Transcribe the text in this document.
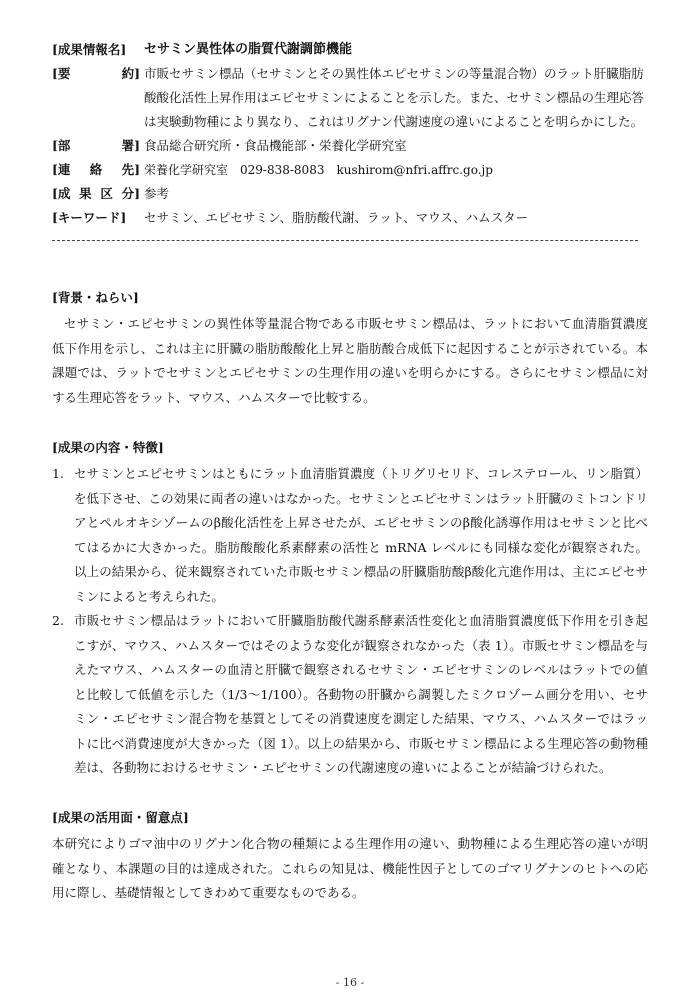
[成果情報名]	セサミン異性体の脂質代謝調節機能
[要	約] 市販セサミン標品（セサミンとその異性体エピセサミンの等量混合物）のラット肝臓脂肪
酸酸化活性上昇作用はエピセサミンによることを示した。また、セサミン標品の生理応答
は実験動物種により異なり、これはリグナン代謝速度の違いによることを明らかにした。
[部	署] 食品総合研究所・食品機能部・栄養化学研究室
[連 絡 先] 栄養化学研究室　029-838-8083　kushirom@nfri.affrc.go.jp
[成 果 区 分] 参考
[キーワード]	セサミン、エピセサミン、脂肪酸代謝、ラット、マウス、ハムスター
[背景・ねらい]
セサミン・エピセサミンの異性体等量混合物である市販セサミン標品は、ラットにおいて血清脂質濃度低下作用を示し、これは主に肝臓の脂肪酸酸化上昇と脂肪酸合成低下に起因することが示されている。本課題では、ラットでセサミンとエピセサミンの生理作用の違いを明らかにする。さらにセサミン標品に対する生理応答をラット、マウス、ハムスターで比較する。
[成果の内容・特徴]
1. セサミンとエピセサミンはともにラット血清脂質濃度（トリグリセリド、コレステロール、リン脂質）を低下させ、この効果に両者の違いはなかった。セサミンとエピセサミンはラット肝臓のミトコンドリアとペルオキシゾームのβ酸化活性を上昇させたが、エピセサミンのβ酸化誘導作用はセサミンと比べてはるかに大きかった。脂肪酸酸化系素酵素の活性と mRNA レベルにも同様な変化が観察された。以上の結果から、従来観察されていた市販セサミン標品の肝臓脂肪酸β酸化亢進作用は、主にエピセサミンによると考えられた。
2. 市販セサミン標品はラットにおいて肝臓脂肪酸代謝系酵素活性変化と血清脂質濃度低下作用を引き起こすが、マウス、ハムスターではそのような変化が観察されなかった（表 1）。市販セサミン標品を与えたマウス、ハムスターの血清と肝臓で観察されるセサミン・エピセサミンのレベルはラットでの値と比較して低値を示した（1/3〜1/100）。各動物の肝臓から調製したミクロゾーム画分を用い、セサミン・エピセサミン混合物を基質としてその消費速度を測定した結果、マウス、ハムスターではラットに比べ消費速度が大きかった（図 1）。以上の結果から、市販セサミン標品による生理応答の動物種差は、各動物におけるセサミン・エピセサミンの代謝速度の違いによることが結論づけられた。
[成果の活用面・留意点]
本研究によりゴマ油中のリグナン化合物の種類による生理作用の違い、動物種による生理応答の違いが明確となり、本課題の目的は達成された。これらの知見は、機能性因子としてのゴマリグナンのヒトへの応用に際し、基礎情報としてきわめて重要なものである。
- 16 -
